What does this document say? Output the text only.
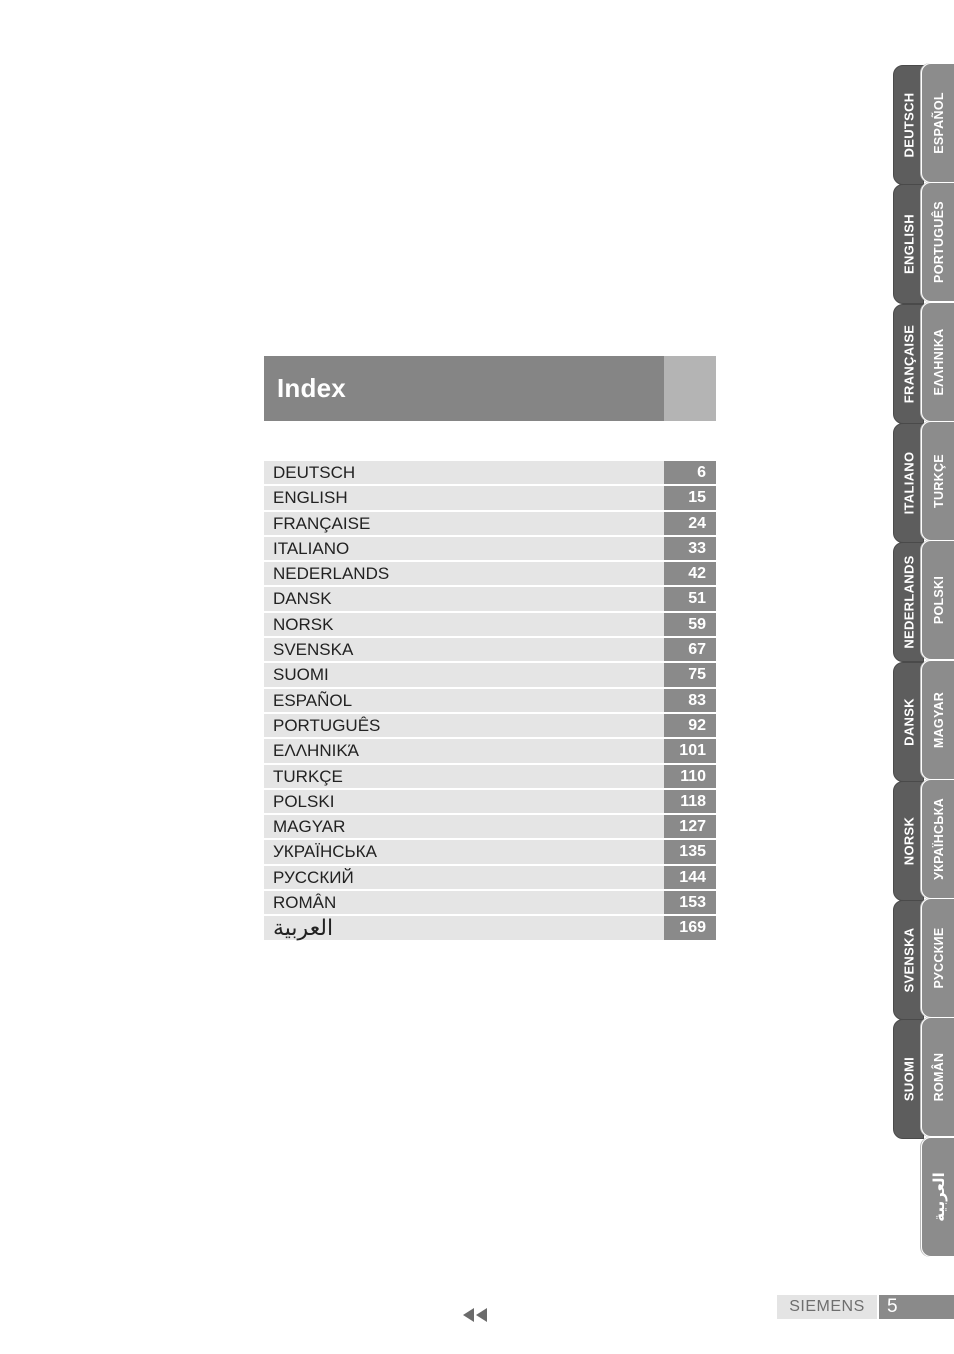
Index
DEUTSCH	6
ENGLISH	15
FRANÇAISE	24
ITALIANO	33
NEDERLANDS	42
DANSK	51
NORSK	59
SVENSKA	67
SUOMI	75
ESPAÑOL	83
PORTUGUÊS	92
ΕΛΛΗΝΙΚΆ	101
TURKÇE	110
POLSKI	118
MAGYAR	127
УКРАЇНСЬКА	135
РУССКИЙ	144
ROMÂN	153
العربية	169
DEUTSCH
ENGLISH
FRANÇAISE
ITALIANO
NEDERLANDS
DANSK
NORSK
SVENSKA
SUOMI
ESPAÑOL
PORTUGUÊS
ΕΛΛΗΝΙΚΑ
TURKÇE
POLSKI
MAGYAR
УКРАЇНСЬКА
РУССКИЕ
ROMÂN
العربية
SIEMENS	5
